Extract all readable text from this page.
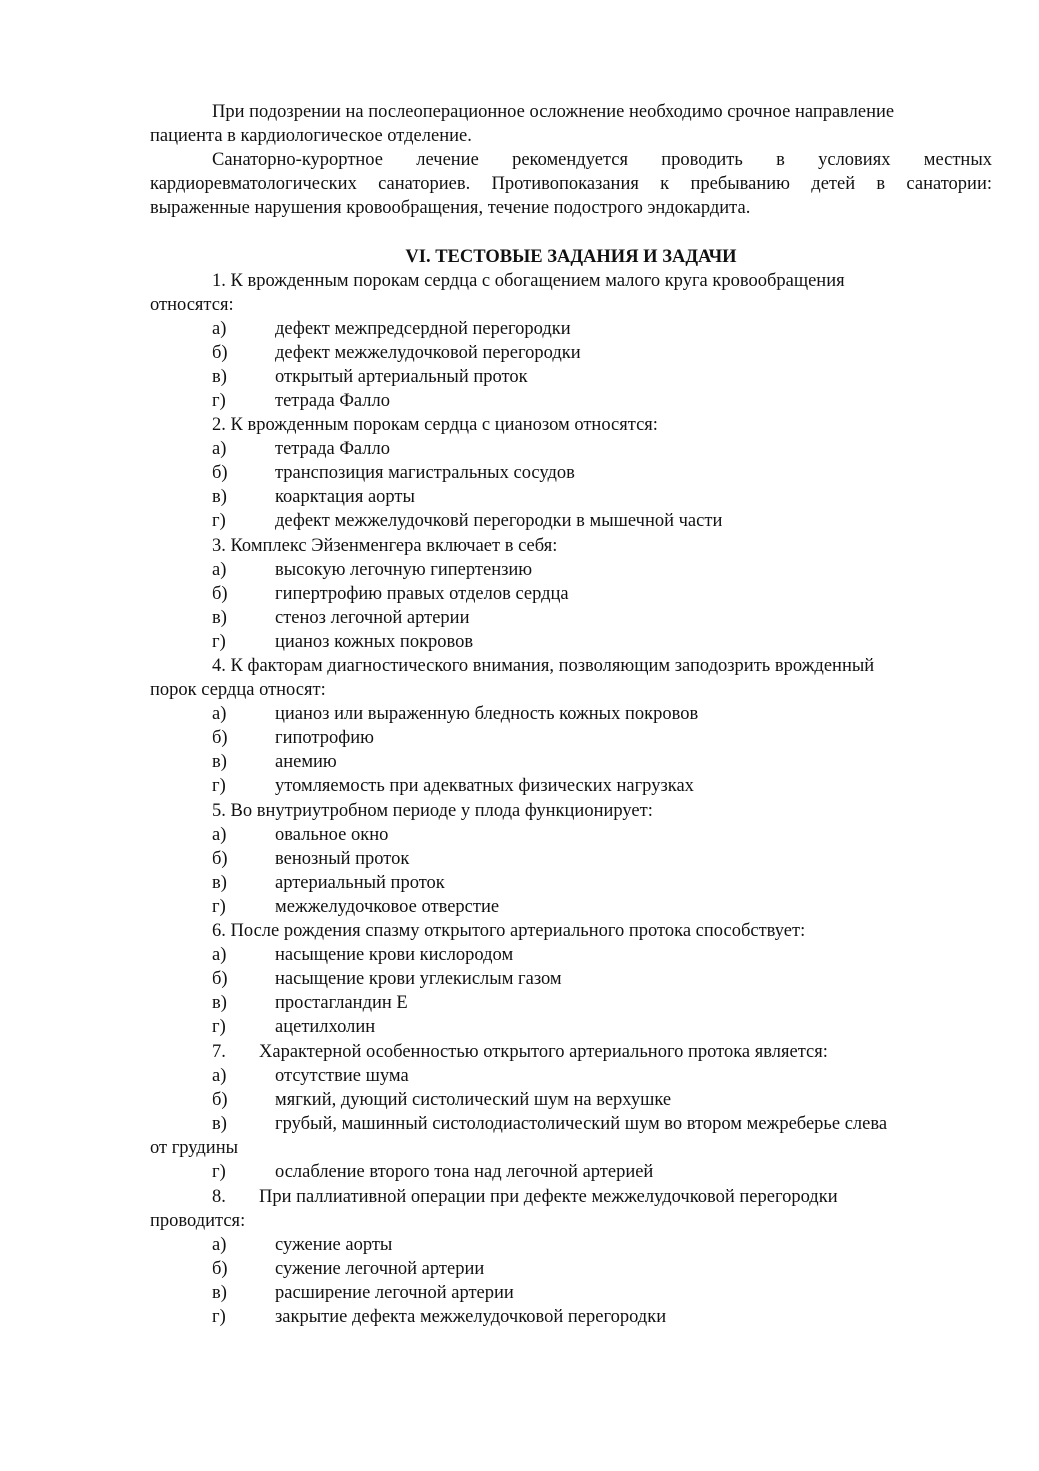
При подозрении на послеоперационное осложнение необходимо срочное направление
пациента в кардиологическое отделение.
Санаторно-курортное лечение рекомендуется проводить в условиях местных
кардиоревматологических санаториев. Противопоказания к пребыванию детей в санатории:
выраженные нарушения кровообращения, течение подострого эндокардита.
VI. ТЕСТОВЫЕ ЗАДАНИЯ И ЗАДАЧИ
1. К врожденным порокам сердца с обогащением малого круга кровообращения
относятся:
а)	дефект межпредсердной перегородки
б)	дефект межжелудочковой перегородки
в)	открытый артериальный проток
г)	тетрада Фалло
2. К врожденным порокам сердца с цианозом относятся:
а)	тетрада Фалло
б)	транспозиция магистральных сосудов
в)	коарктация аорты
г)	дефект межжелудочковй перегородки в мышечной части
3. Комплекс Эйзенменгера включает в себя:
а)	высокую легочную гипертензию
б)	гипертрофию правых отделов сердца
в)	стеноз легочной артерии
г)	цианоз кожных покровов
4. К факторам диагностического внимания, позволяющим заподозрить врожденный
порок сердца относят:
а)	цианоз или выраженную бледность кожных покровов
б)	гипотрофию
в)	анемию
г)	утомляемость при адекватных физических нагрузках
5. Во внутриутробном периоде у плода функционирует:
а)	овальное окно
б)	венозный проток
в)	артериальный проток
г)	межжелудочковое отверстие
6. После рождения спазму открытого артериального протока способствует:
а)	насыщение крови кислородом
б)	насыщение крови углекислым газом
в)	простагландин Е
г)	ацетилхолин
7. Характерной особенностью открытого артериального протока является:
а)	отсутствие шума
б)	мягкий, дующий систолический шум на верхушке
в)	грубый, машинный систолодиастолический шум во втором межреберье слева
от грудины
г)	ослабление второго тона над легочной артерией
8. При паллиативной операции при дефекте межжелудочковой перегородки
проводится:
а)	сужение аорты
б)	сужение легочной артерии
в)	расширение легочной артерии
г)	закрытие дефекта межжелудочковой перегородки
